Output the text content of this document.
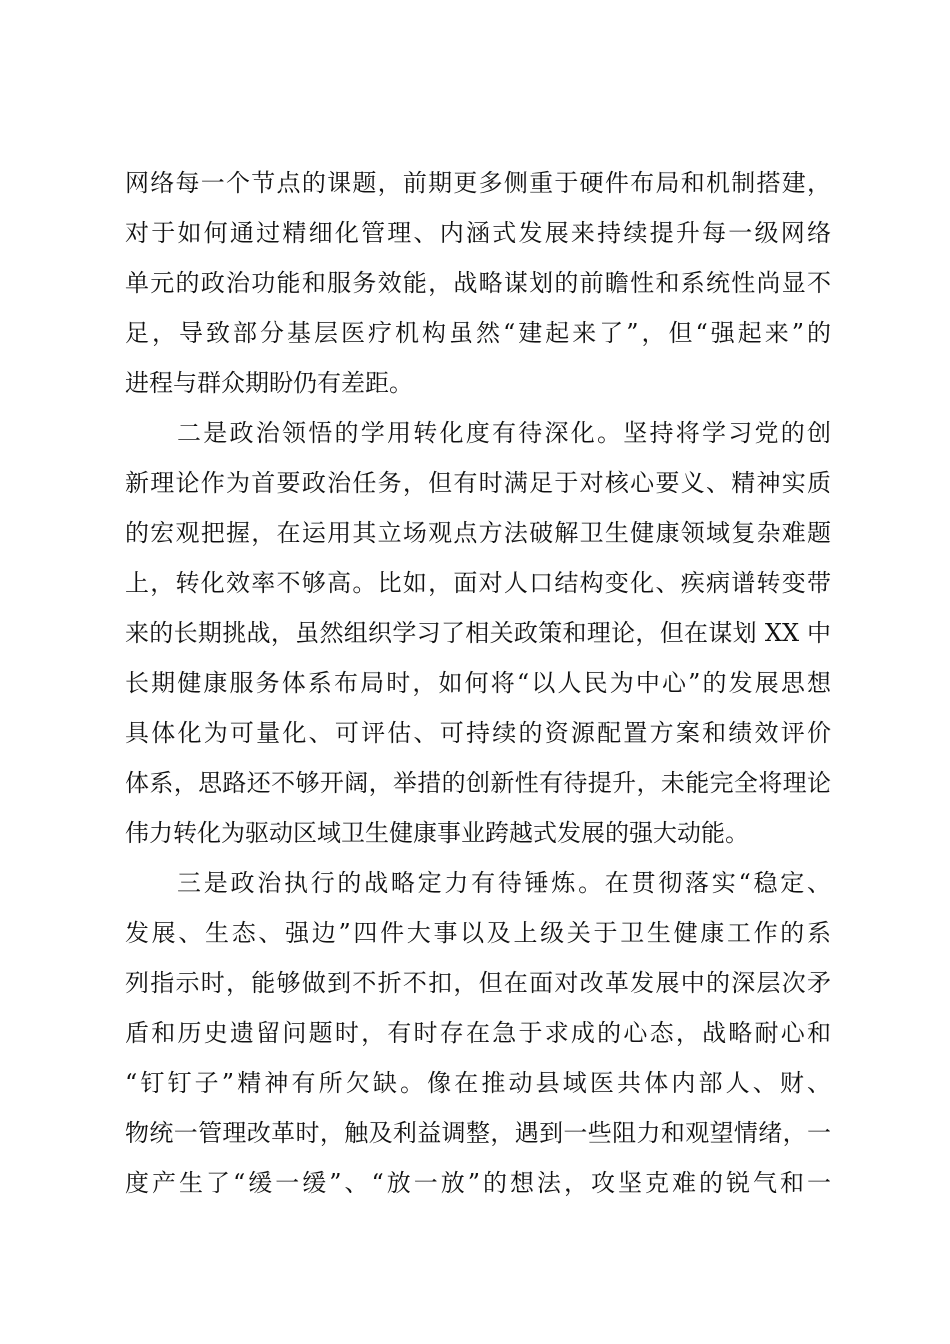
网络每一个节点的课题，前期更多侧重于硬件布局和机制搭建，
对于如何通过精细化管理、内涵式发展来持续提升每一级网络
单元的政治功能和服务效能，战略谋划的前瞻性和系统性尚显不
足，导致部分基层医疗机构虽然“建起来了”，但“强起来”的
进程与群众期盼仍有差距。
二是政治领悟的学用转化度有待深化。坚持将学习党的创
新理论作为首要政治任务，但有时满足于对核心要义、精神实质
的宏观把握，在运用其立场观点方法破解卫生健康领域复杂难题
上，转化效率不够高。比如，面对人口结构变化、疾病谱转变带
来的长期挑战，虽然组织学习了相关政策和理论，但在谋划 XX 中
长期健康服务体系布局时，如何将“以人民为中心”的发展思想
具体化为可量化、可评估、可持续的资源配置方案和绩效评价
体系，思路还不够开阔，举措的创新性有待提升，未能完全将理论
伟力转化为驱动区域卫生健康事业跨越式发展的强大动能。
三是政治执行的战略定力有待锤炼。在贯彻落实“稳定、
发展、生态、强边”四件大事以及上级关于卫生健康工作的系
列指示时，能够做到不折不扣，但在面对改革发展中的深层次矛
盾和历史遗留问题时，有时存在急于求成的心态，战略耐心和
“钉钉子”精神有所欠缺。像在推动县域医共体内部人、财、
物统一管理改革时，触及利益调整，遇到一些阻力和观望情绪，一
度产生了“缓一缓”、“放一放”的想法，攻坚克难的锐气和一
